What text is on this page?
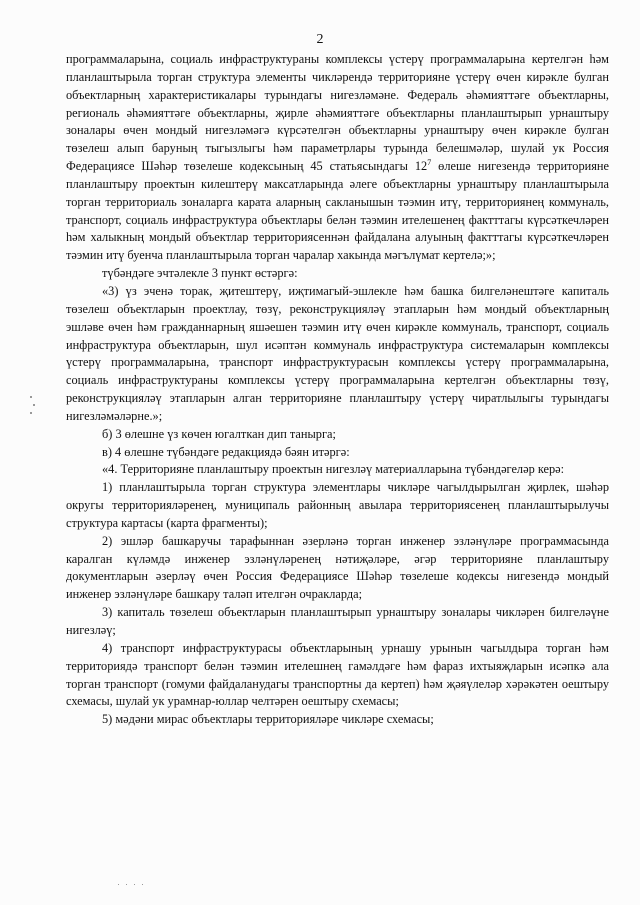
2

программаларына, социаль инфраструктураны комплексы үстерү программаларына кертелгән һәм планлаштырыла торган структура элементы чикләрендә территорияне үстерү өчен кирәкле булган объектларның характеристикалары турындагы нигезләмәне. Федераль әһәмияттәге объектларны, региональ әһәмияттәге объектларны, җирле әһәмияттәге объектларны планлаштырып урнаштыру зоналары өчен мондый нигезләмәгә күрсәтелгән объектларны урнаштыру өчен кирәкле булган төзелеш алып баруның тыгызлыгы һәм параметрлары турында белешмәләр, шулай ук Россия Федерациясе Шәһәр төзелеше кодексының 45 статьясындагы $12^7$ өлеше нигезендә территорияне планлаштыру проектын килештерү максатларында әлеге объектларны урнаштыру планлаштырыла торган территориаль зоналарга карата аларның сакланышын тәэмин итү, территориянең коммуналь, транспорт, социаль инфраструктура объектлары белән тәэмин ителешенең фактттагы күрсәткечләрен һәм халыкның мондый объектлар территориясеннән файдалана алуының фактттагы күрсәткечләрен тәэмин итү буенча планлаштырыла торган чаралар хакында мәгълүмат кертелә;»;

түбәндәге эчтәлекле 3 пункт өстәргә:

«3) үз эченә торак, җитештерү, иҗтимагый-эшлекле һәм башка билгеләнештәге капиталь төзелеш объектларын проектлау, төзү, реконструкцияләү этапларын һәм мондый объектларның эшләве өчен һәм гражданнарның яшәешен тәэмин итү өчен кирәкле коммуналь, транспорт, социаль инфраструктура объектларын, шул исәптән коммуналь инфраструктура системаларын комплексы үстерү программаларына, транспорт инфраструктурасын комплексы үстерү программаларына, социаль инфраструктураны комплексы үстерү программаларына кертелгән объектларны төзү, реконструкцияләү этапларын алган территорияне планлаштыру үстерү чиратлылыгы турындагы нигезләмәләрне.»;

б) 3 өлешне үз көчен югалткан дип танырга;

в) 4 өлешне түбәндәге редакциядә бәян итәргә:

«4. Территорияне планлаштыру проектын нигезләү материалларына түбәндәгеләр керә:

1) планлаштырыла торган структура элементлары чикләре чагылдырылган җирлек, шәһәр округы территорияләренең, муниципаль районның авылара территориясенең планлаштырылучы структура картасы (карта фрагменты);

2) эшләр башкаручы тарафыннан әзерләнә торган инженер эзләнүләре программасында каралган күләмдә инженер эзләнүләренең нәтиҗәләре, әгәр территорияне планлаштыру документларын әзерләү өчен Россия Федерациясе Шәһәр төзелеше кодексы нигезендә мондый инженер эзләнүләре башкару таләп ителгән очракларда;

3) капиталь төзелеш объектларын планлаштырып урнаштыру зоналары чикләрен билгеләүне нигезләү;

4) транспорт инфраструктурасы объектларының урнашу урынын чагылдыра торган һәм территориядә транспорт белән тәэмин ителешнең гамәлдәге һәм фараз ихтыяҗларын исәпкә ала торган транспорт (гомуми файдаланудагы транспортны да кертеп) һәм җәяүлеләр хәрәкәтен оештыру схемасы, шулай ук урамнар-юллар челтәрен оештыру схемасы;

5) мәдәни мирас объектлары территорияләре чикләре схемасы;
